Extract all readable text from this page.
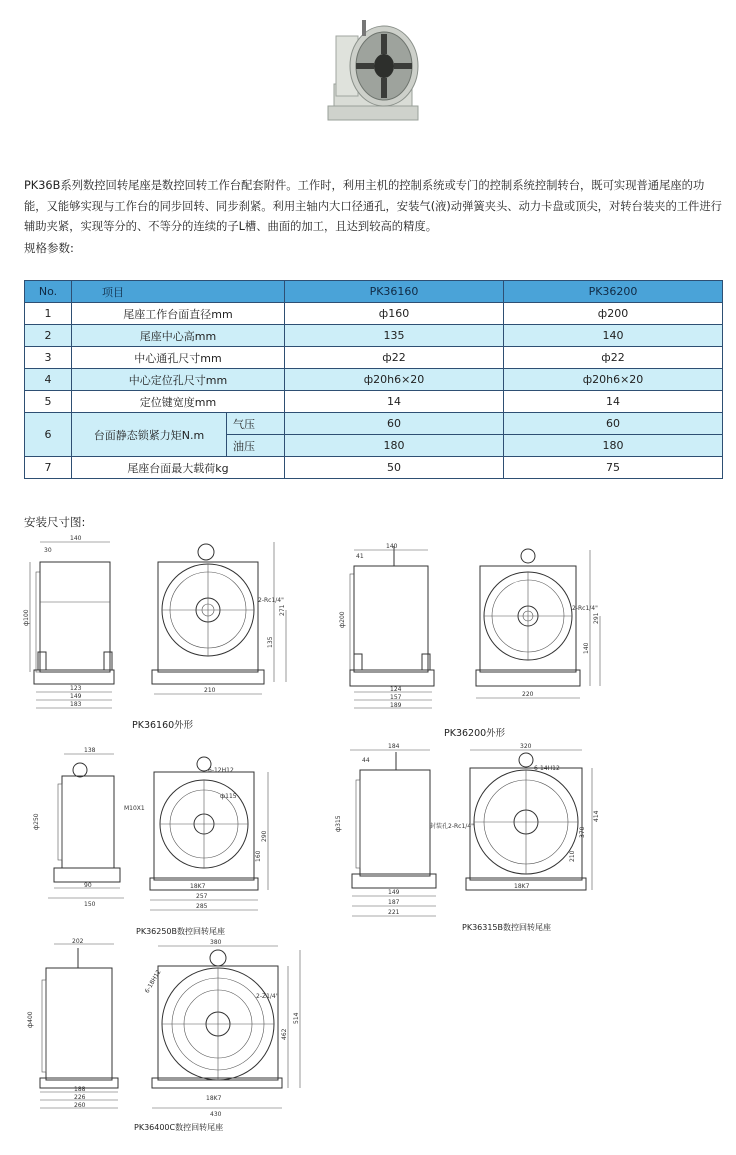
PK36B系列数控回转尾座是数控回转工作台配套附件。工作时，利用主机的控制系统或专门的控制系统控制转台，既可实现普通尾座的功能，又能够实现与工作台的同步回转、同步刹紧。利用主轴内大口径通孔，安装气(液)动弹簧夹头、动力卡盘或顶尖，对转台装夹的工件进行辅助夹紧，实现等分的、不等分的连续的子L槽、曲面的加工，且达到较高的精度。
规格参数:
No.	项目		PK36160	PK36200
1	尾座工作台面直径mm		ф160	ф200
2	尾座中心高mm		135	140
3	中心通孔尺寸mm		ф22	ф22
4	中心定位孔尺寸mm		ф20h6×20	ф20h6×20
5	定位键宽度mm		14	14
6	台面静态锁紧力矩N.m	气压	60	60
		油压	180	180
7	尾座台面最大载荷kg		50	75
安装尺寸图:
140
30
ф100
123
149
183
2-Rc1/4"
135
271
210
PK36160外形
140
41
ф200
124
157
189
2-Rc1/4"
140
291
220
PK36200外形
138
ф250
90
150
M10X1
6-12H12
ф115
290
160
18K7
257
285
PK36250B数控回转尾座
184
44
ф315
149
187
221
封装孔2-Rc1/4"
320
6-14H12
414
370
210
18K7
PK36315B数控回转尾座
202
ф400
188
226
260
380
6-18H12
2-Z1/4"
514
462
18K7
430
PK36400C数控回转尾座
